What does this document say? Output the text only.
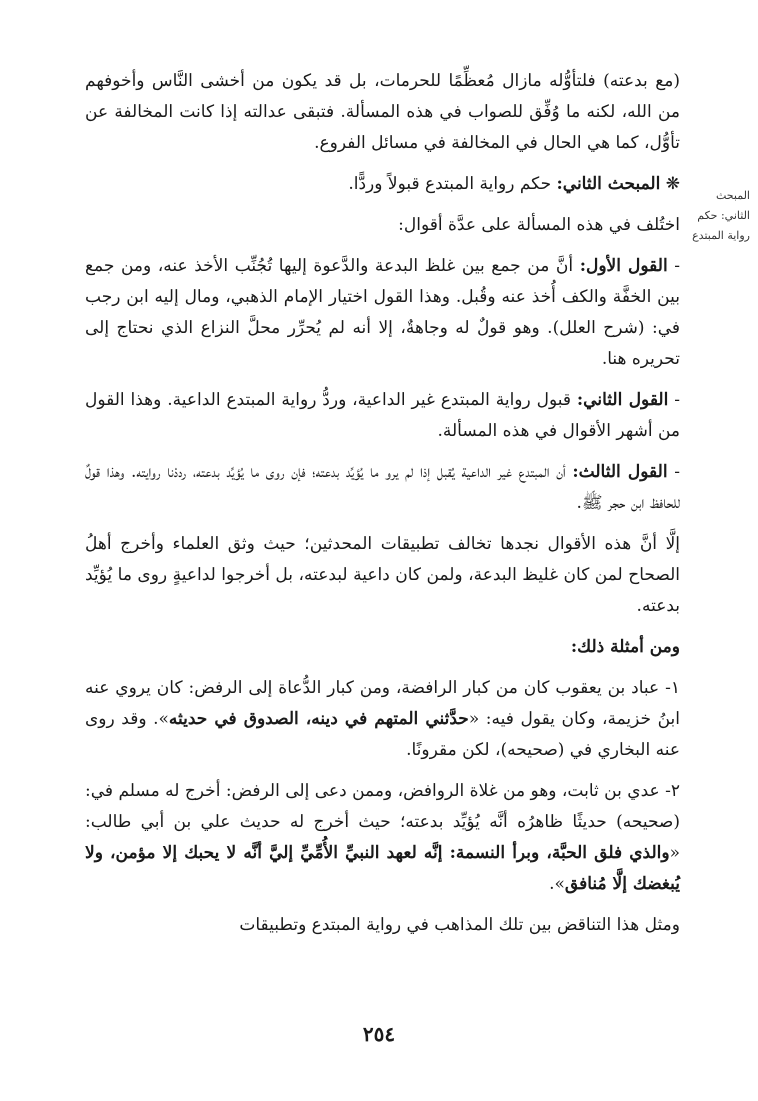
المبحث الثاني: حكم رواية المبتدع

(مع بدعته) فلتأوُّله مازال مُعظِّمًا للحرمات، بل قد يكون من أخشى النَّاس وأخوفهم من الله، لكنه ما وُفِّق للصواب في هذه المسألة. فتبقى عدالته إذا كانت المخالفة عن تأوُّل، كما هي الحال في المخالفة في مسائل الفروع.

❋ المبحث الثاني: حكم رواية المبتدع قبولاً وردًّا.

اختُلف في هذه المسألة على عدَّة أقوال:

- القول الأول: أنَّ من جمع بين غلظ البدعة والدَّعوة إليها تُجُنِّب الأخذ عنه، ومن جمع بين الخفَّة والكف أُخذ عنه وقُبل. وهذا القول اختيار الإمام الذهبي، ومال إليه ابن رجب في: (شرح العلل). وهو قولٌ له وجاهةٌ، إلا أنه لم يُحرِّر محلَّ النزاع الذي نحتاج إلى تحريره هنا.

- القول الثاني: قبول رواية المبتدع غير الداعية، وردُّ رواية المبتدع الداعية. وهذا القول من أشهر الأقوال في هذه المسألة.

- القول الثالث: أن المبتدع غير الداعية يُقبل إذا لم يرو ما يُؤيِّد بدعته؛ فإن روى ما يُؤيِّد بدعته، رددْنا روايته. وهذا قولٌ للحافظ ابن حجر ﷺ.

إلَّا أنَّ هذه الأقوال نجدها تخالف تطبيقات المحدثين؛ حيث وثق العلماء وأخرج أهلُ الصحاح لمن كان غليظ البدعة، ولمن كان داعية لبدعته، بل أخرجوا لداعيةٍ روى ما يُؤيِّد بدعته.

ومن أمثلة ذلك:

١- عباد بن يعقوب كان من كبار الرافضة، ومن كبار الدُّعاة إلى الرفض: كان يروي عنه ابنُ خزيمة، وكان يقول فيه: «حدَّثني المتهم في دينه، الصدوق في حديثه». وقد روى عنه البخاري في (صحيحه)، لكن مقرونًا.

٢- عدي بن ثابت، وهو من غلاة الروافض، وممن دعى إلى الرفض: أخرج له مسلم في: (صحيحه) حديثًا ظاهرُه أنَّه يُؤيِّد بدعته؛ حيث أخرج له حديث علي بن أبي طالب: «والذي فلق الحبَّة، وبرأ النسمة: إنَّه لعهد النبيِّ الأُمِّيِّ إليَّ أنَّه لا يحبك إلا مؤمن، ولا يُبغضك إلَّا مُنافق».

ومثل هذا التناقض بين تلك المذاهب في رواية المبتدع وتطبيقات

٢٥٤
